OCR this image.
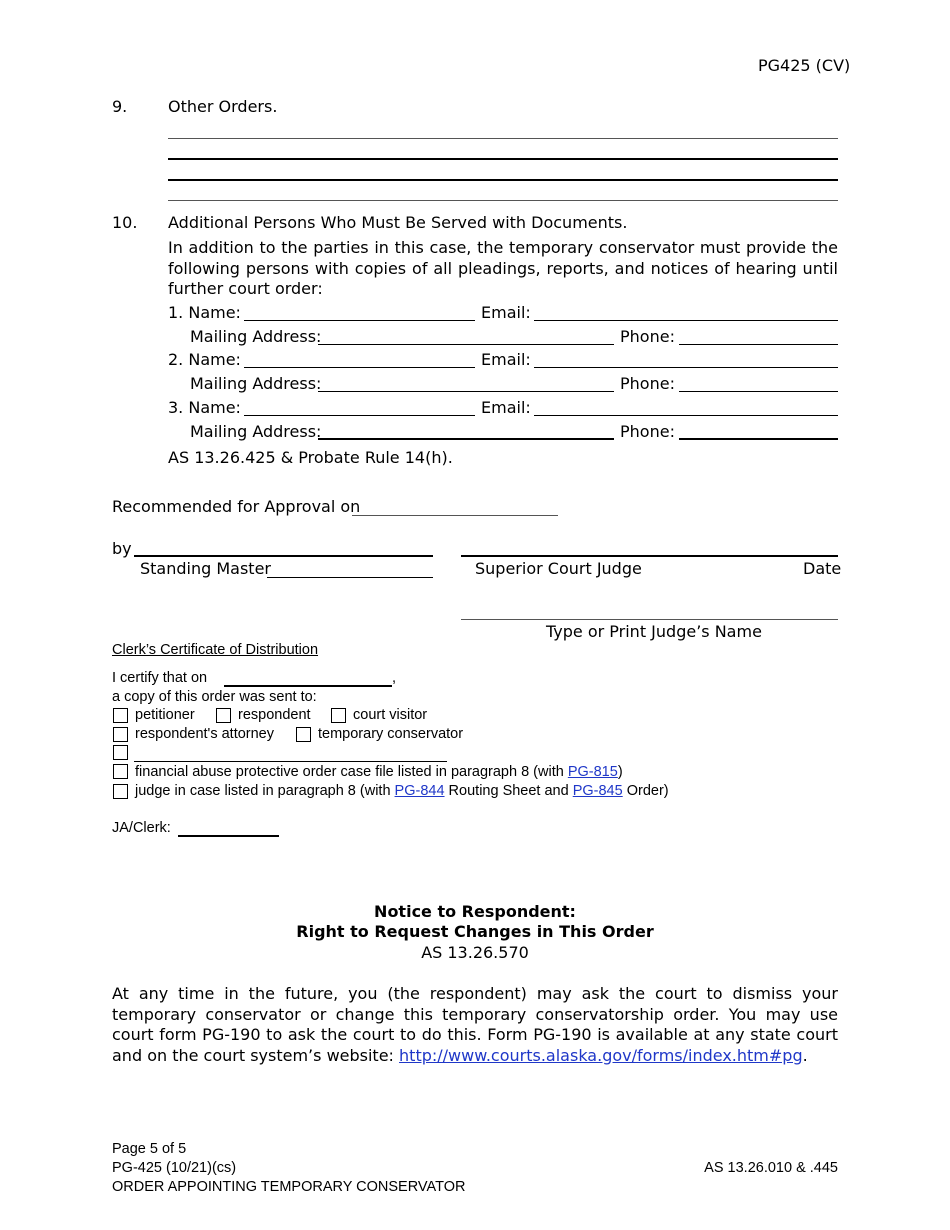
PG425 (CV)
9.	Other Orders.
10. Additional Persons Who Must Be Served with Documents.
In addition to the parties in this case, the temporary conservator must provide the following persons with copies of all pleadings, reports, and notices of hearing until further court order:
1. Name:	Email:
Mailing Address:	Phone:
2. Name:	Email:
Mailing Address:	Phone:
3. Name:	Email:
Mailing Address:	Phone:
AS 13.26.425 & Probate Rule 14(h).
Recommended for Approval on
by
Standing Master	Superior Court Judge	Date
Type or Print Judge’s Name
Clerk’s Certificate of Distribution
I certify that on	,
a copy of this order was sent to:
petitioner	respondent	court visitor
respondent's attorney	temporary conservator
financial abuse protective order case file listed in paragraph 8 (with PG-815)
judge in case listed in paragraph 8 (with PG-844 Routing Sheet and PG-845 Order)
JA/Clerk:
Notice to Respondent:
Right to Request Changes in This Order
AS 13.26.570
At any time in the future, you (the respondent) may ask the court to dismiss your temporary conservator or change this temporary conservatorship order. You may use court form PG-190 to ask the court to do this. Form PG-190 is available at any state court and on the court system’s website: http://www.courts.alaska.gov/forms/index.htm#pg.
Page 5 of 5
PG-425 (10/21)(cs)
ORDER APPOINTING TEMPORARY CONSERVATOR
AS 13.26.010 & .445
